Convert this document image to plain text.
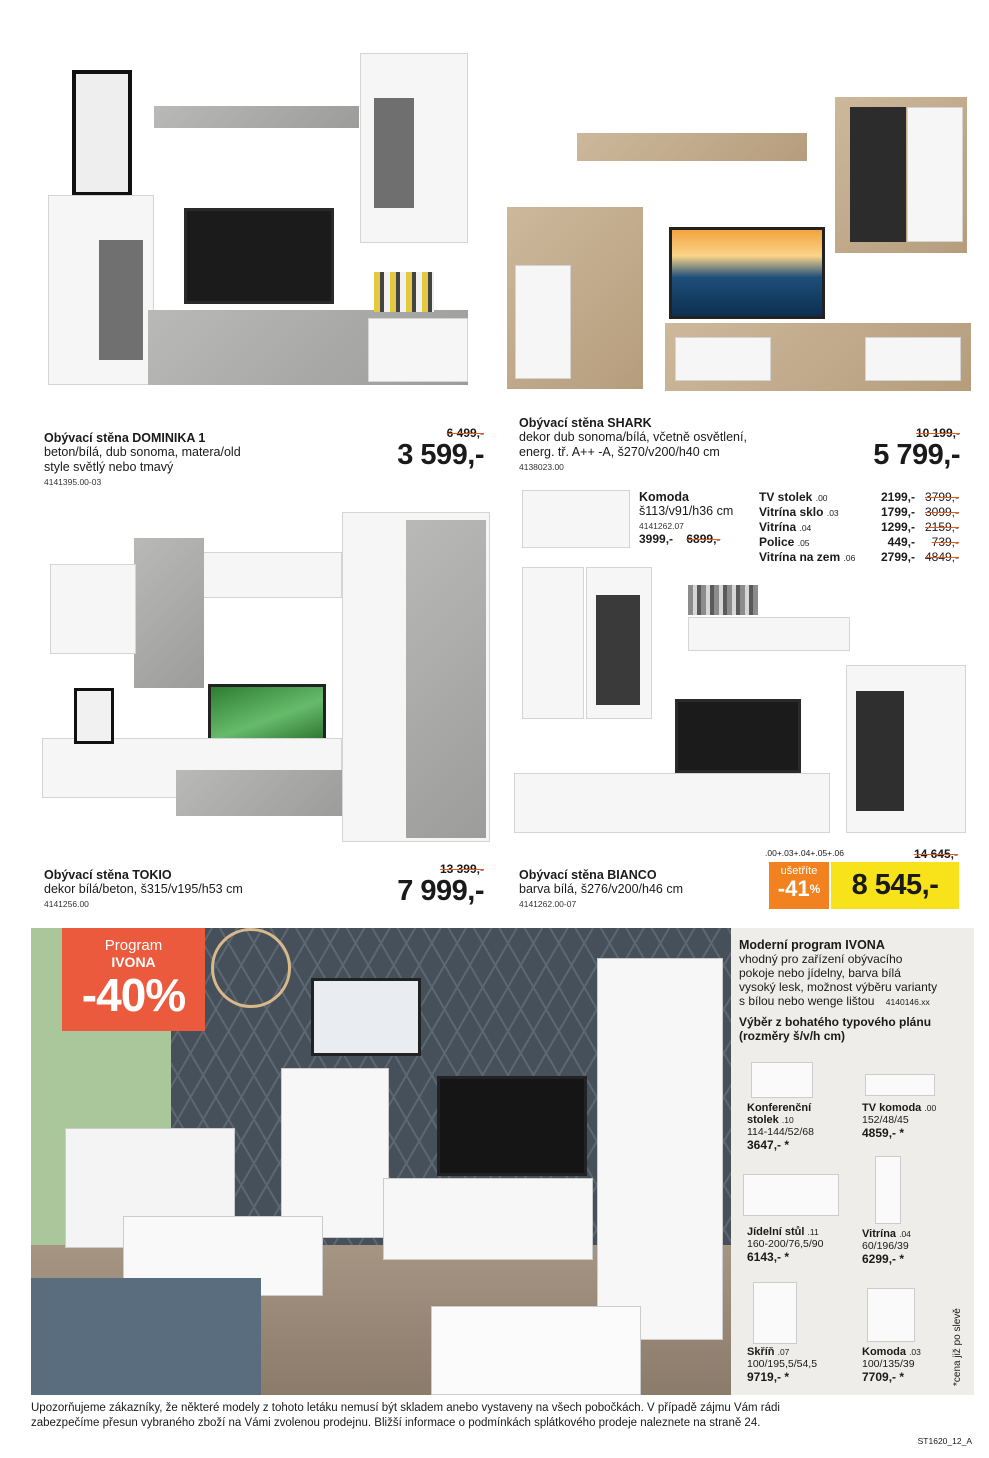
Obývací stěna DOMINIKA 1
beton/bílá, dub sonoma, matera/old
style světlý nebo tmavý
4141395.00-03
6 499,-
3 599,-
Obývací stěna SHARK
dekor dub sonoma/bílá, včetně osvětlení,
energ. tř. A++ -A, š270/v200/h40 cm
4138023.00
10 199,-
5 799,-
Komoda
š113/v91/h36 cm
4141262.07
3999,- 6899,-
TV stolek .00	2199,-	3799,-
Vitrína sklo .03	1799,-	3099,-
Vitrína .04	1299,-	2159,-
Police .05	449,-	739,-
Vitrína na zem .06	2799,-	4849,-
Obývací stěna TOKIO
dekor bílá/beton, š315/v195/h53 cm
4141256.00
13 399,-
7 999,-	Obývací stěna BIANCO
barva bílá, š276/v200/h46 cm
4141262.00-07
.00+.03+.04+.05+.06	14 645,-
ušetříte
-41%	8 545,-
Program
IVONA
-40%
Moderní program IVONA
vhodný pro zařízení obývacího
pokoje nebo jídelny, barva bílá
vysoký lesk, možnost výběru varianty
s bílou nebo wenge lištou 4140146.xx
Výběr z bohatého typového plánu
(rozměry š/v/h cm)
Konferenční
stolek .10
114-144/52/68
3647,- *
TV komoda .00
152/48/45
4859,- *
Jídelní stůl .11
160-200/76,5/90
6143,- *
Vitrína .04
60/196/39
6299,- *
Skříň .07
100/195,5/54,5
9719,- *
Komoda .03
100/135/39
7709,- *	*cena již po slevě
Upozorňujeme zákazníky, že některé modely z tohoto letáku nemusí být skladem anebo vystaveny na všech pobočkách. V případě zájmu Vám rádi
zabezpečíme přesun vybraného zboží na Vámi zvolenou prodejnu. Bližší informace o podmínkách splátkového prodeje naleznete na straně 24.
ST1620_12_A
